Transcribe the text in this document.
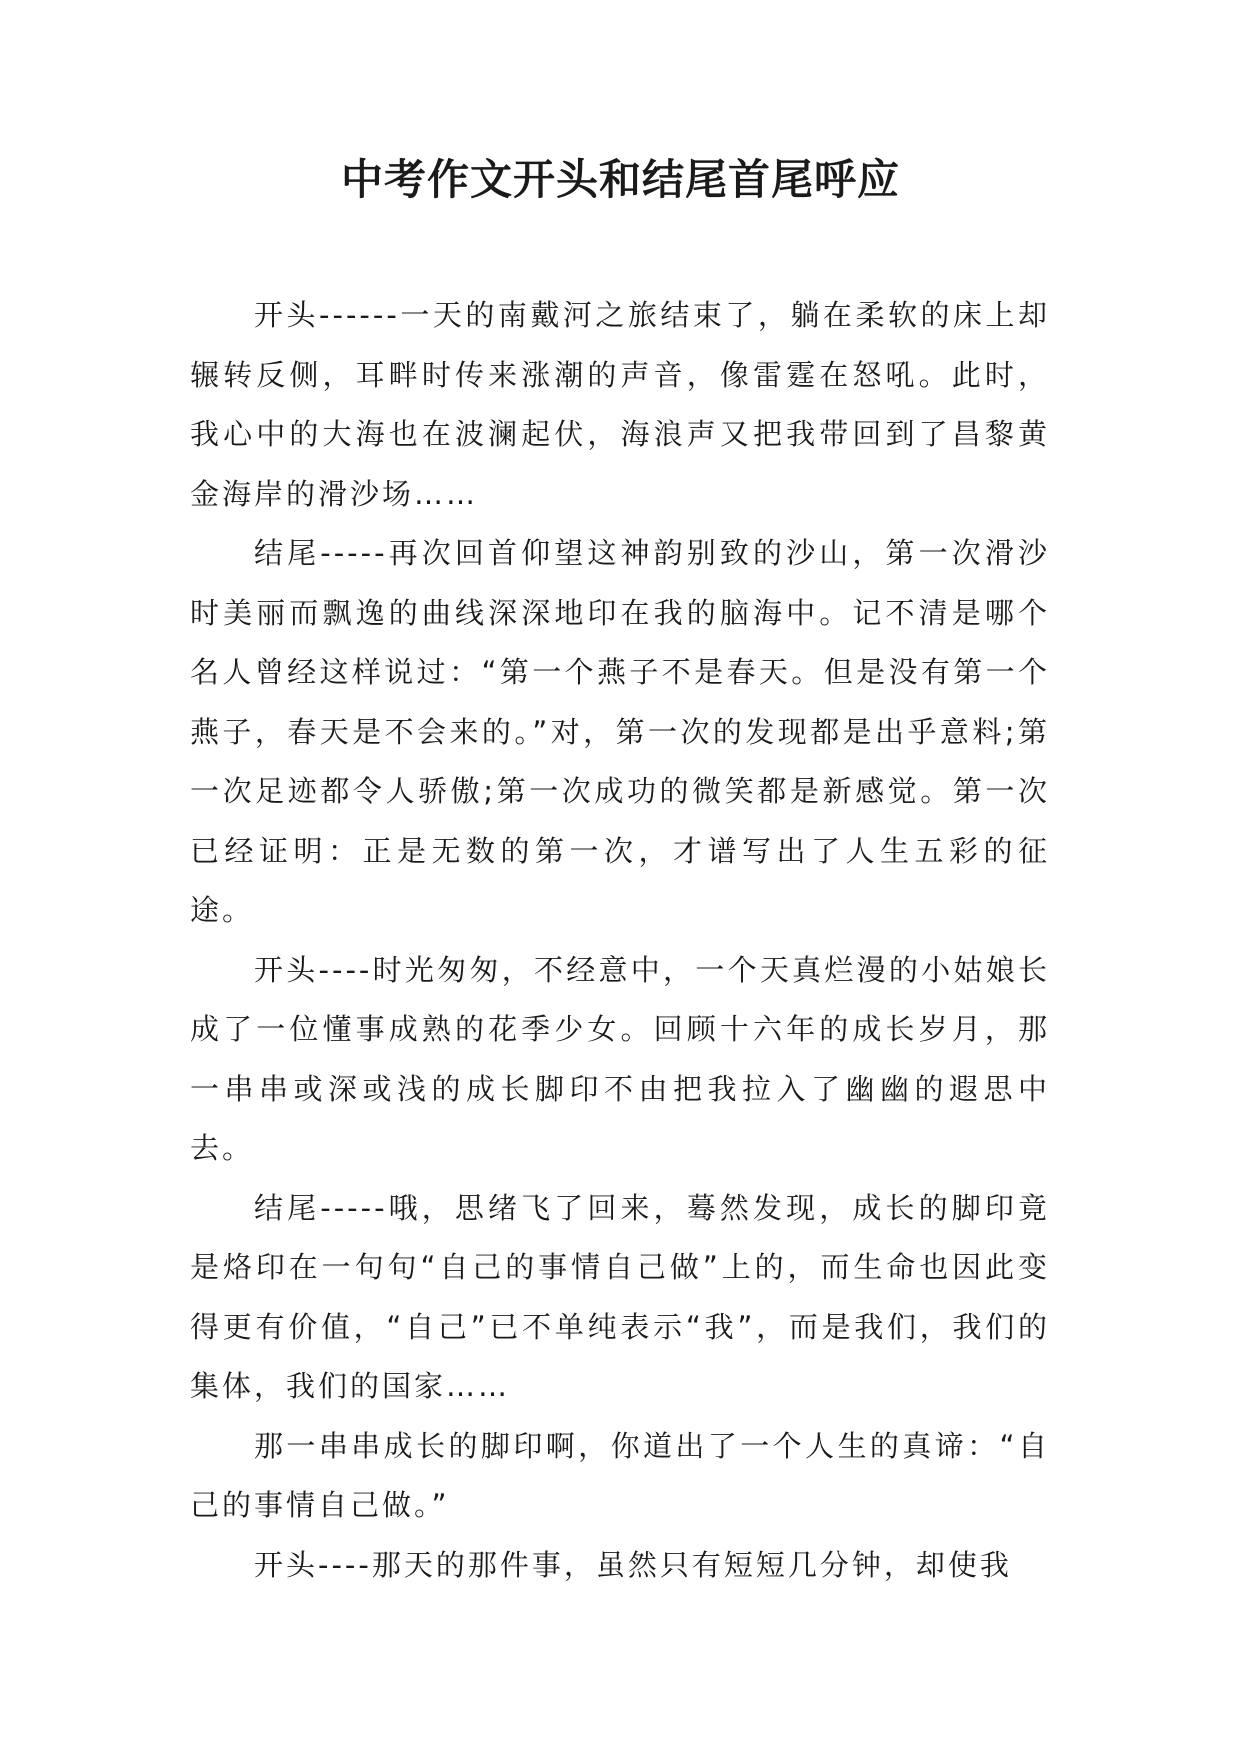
中考作文开头和结尾首尾呼应

开头------一天的南戴河之旅结束了，躺在柔软的床上却辗转反侧，耳畔时传来涨潮的声音，像雷霆在怒吼。此时，我心中的大海也在波澜起伏，海浪声又把我带回到了昌黎黄金海岸的滑沙场……

结尾-----再次回首仰望这神韵别致的沙山，第一次滑沙时美丽而飘逸的曲线深深地印在我的脑海中。记不清是哪个名人曾经这样说过：“第一个燕子不是春天。但是没有第一个燕子，春天是不会来的。”对，第一次的发现都是出乎意料;第一次足迹都令人骄傲;第一次成功的微笑都是新感觉。第一次已经证明：正是无数的第一次，才谱写出了人生五彩的征途。

开头----时光匆匆，不经意中，一个天真烂漫的小姑娘长成了一位懂事成熟的花季少女。回顾十六年的成长岁月，那一串串或深或浅的成长脚印不由把我拉入了幽幽的遐思中去。

结尾-----哦，思绪飞了回来，蓦然发现，成长的脚印竟是烙印在一句句“自己的事情自己做”上的，而生命也因此变得更有价值，“自己”已不单纯表示“我”，而是我们，我们的集体，我们的国家……

那一串串成长的脚印啊，你道出了一个人生的真谛：“自己的事情自己做。”

开头----那天的那件事，虽然只有短短几分钟，却使我
